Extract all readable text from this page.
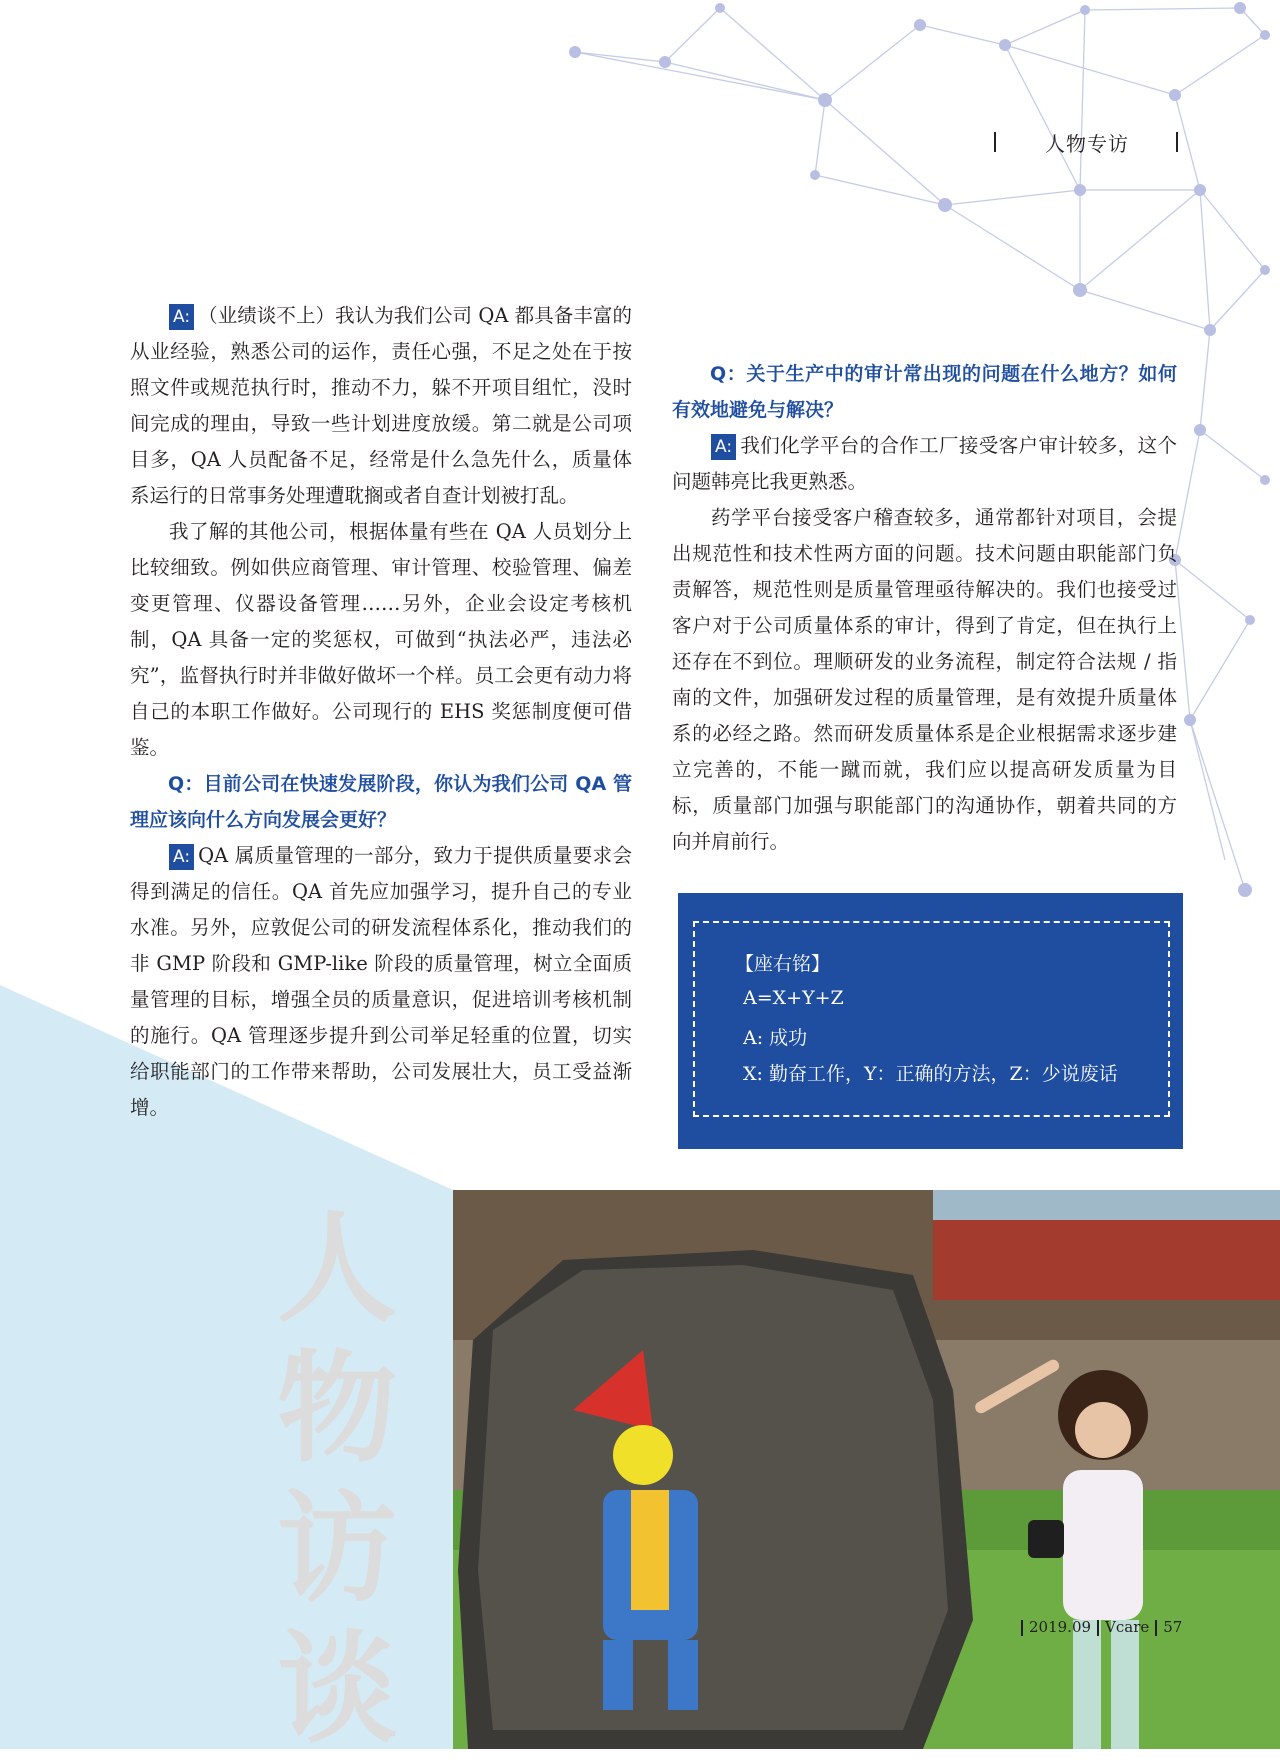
人物专访

A: （业绩谈不上）我认为我们公司 QA 都具备丰富的从业经验，熟悉公司的运作，责任心强，不足之处在于按照文件或规范执行时，推动不力，躲不开项目组忙，没时间完成的理由，导致一些计划进度放缓。第二就是公司项目多，QA 人员配备不足，经常是什么急先什么，质量体系运行的日常事务处理遭耽搁或者自查计划被打乱。

我了解的其他公司，根据体量有些在 QA 人员划分上比较细致。例如供应商管理、审计管理、校验管理、偏差变更管理、仪器设备管理……另外，企业会设定考核机制，QA 具备一定的奖惩权，可做到“执法必严，违法必究”，监督执行时并非做好做坏一个样。员工会更有动力将自己的本职工作做好。公司现行的 EHS 奖惩制度便可借鉴。

Q：目前公司在快速发展阶段，你认为我们公司 QA 管理应该向什么方向发展会更好？

A: QA 属质量管理的一部分，致力于提供质量要求会得到满足的信任。QA 首先应加强学习，提升自己的专业水准。另外，应敦促公司的研发流程体系化，推动我们的非 GMP 阶段和 GMP-like 阶段的质量管理，树立全面质量管理的目标，增强全员的质量意识，促进培训考核机制的施行。QA 管理逐步提升到公司举足轻重的位置，切实给职能部门的工作带来帮助，公司发展壮大，员工受益渐增。

Q：关于生产中的审计常出现的问题在什么地方？如何有效地避免与解决？

A: 我们化学平台的合作工厂接受客户审计较多，这个问题韩亮比我更熟悉。

药学平台接受客户稽查较多，通常都针对项目，会提出规范性和技术性两方面的问题。技术问题由职能部门负责解答，规范性则是质量管理亟待解决的。我们也接受过客户对于公司质量体系的审计，得到了肯定，但在执行上还存在不到位。理顺研发的业务流程，制定符合法规 / 指南的文件，加强研发过程的质量管理，是有效提升质量体系的必经之路。然而研发质量体系是企业根据需求逐步建立完善的，不能一蹴而就，我们应以提高研发质量为目标，质量部门加强与职能部门的沟通协作，朝着共同的方向并肩前行。

【座右铭】
A=X+Y+Z
A: 成功
X: 勤奋工作，Y：正确的方法，Z：少说废话
人
物
访
谈	2019.09 Vcare 57
